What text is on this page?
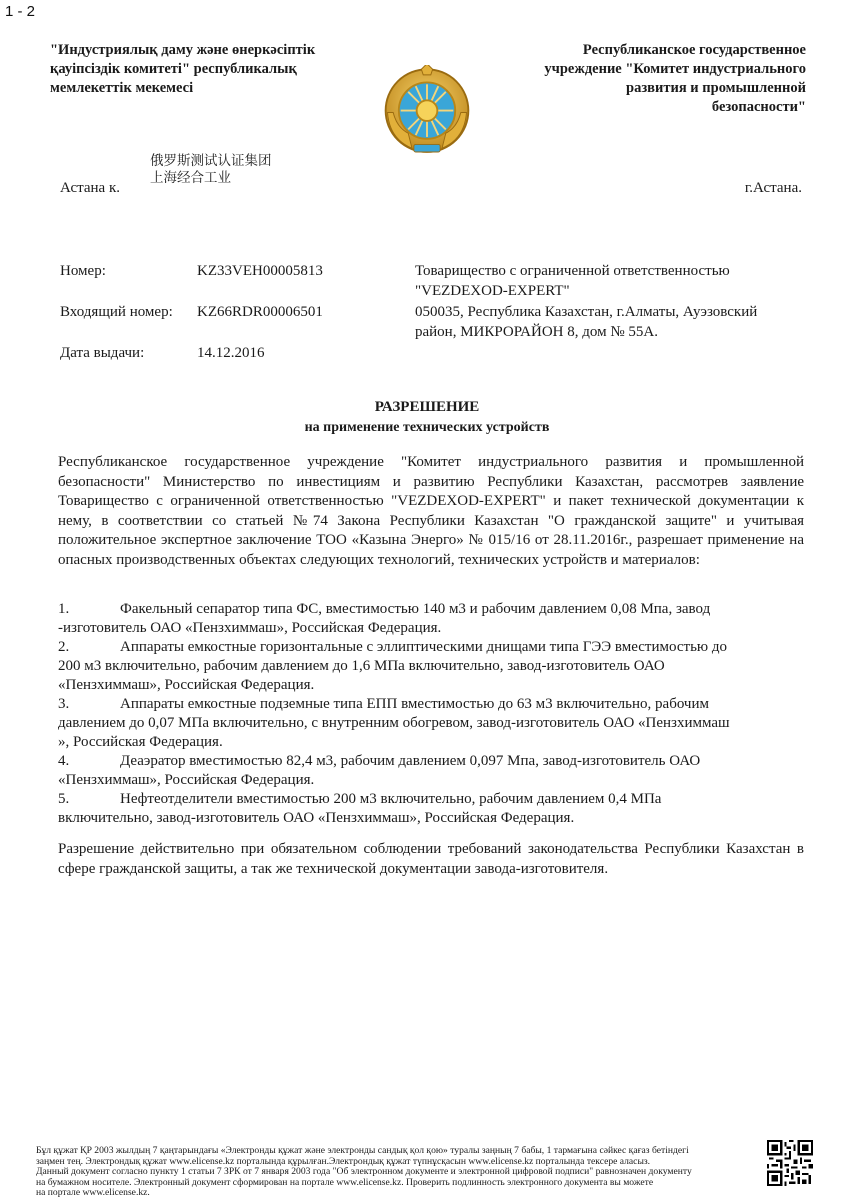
1 - 2
"Индустриялық даму және өнеркәсіптік
қауіпсіздік комитеті" республикалық
мемлекеттік мекемесі
Республиканское государственное
учреждение "Комитет индустриального
развития и промышленной
безопасности"
俄罗斯测试认证集团
上海经合工业
Астана к.	г.Астана.
Номер:	KZ33VEH00005813
Входящий номер: KZ66RDR00006501
Дата выдачи:	14.12.2016
Товарищество с ограниченной ответственностью
"VEZDEXOD-EXPERT"
050035, Республика Казахстан, г.Алматы, Ауэзовский
район, МИКРОРАЙОН 8, дом № 55А.
РАЗРЕШЕНИЕ
на применение технических устройств
Республиканское государственное учреждение "Комитет индустриального развития и промышленной безопасности" Министерство по инвестициям и развитию Республики Казахстан, рассмотрев заявление Товарищество с ограниченной ответственностью "VEZDEXOD-EXPERT" и пакет технической документации к нему, в соответствии со статьей №74 Закона Республики Казахстан "О гражданской защите" и учитывая положительное экспертное заключение ТОО «Казына Энерго» № 015/16 от 28.11.2016г., разрешает применение на опасных производственных объектах следующих технологий, технических устройств и материалов:
1.	Факельный сепаратор типа ФС, вместимостью 140 м3 и рабочим давлением 0,08 Мпа, завод
-изготовитель ОАО «Пензхиммаш», Российская Федерация.
2.	Аппараты емкостные горизонтальные с эллиптическими днищами типа ГЭЭ вместимостью до
200 м3 включительно, рабочим давлением до 1,6 МПа включительно, завод-изготовитель ОАО
«Пензхиммаш», Российская Федерация.
3.	Аппараты емкостные подземные типа ЕПП вместимостью до 63 м3 включительно, рабочим
давлением до 0,07 МПа включительно, с внутренним обогревом, завод-изготовитель ОАО «Пензхиммаш
», Российская Федерация.
4.	Деаэратор вместимостью 82,4 м3, рабочим давлением 0,097 Мпа, завод-изготовитель ОАО
«Пензхиммаш», Российская Федерация.
5.	Нефтеотделители вместимостью 200 м3 включительно, рабочим давлением 0,4 МПа
включительно, завод-изготовитель ОАО «Пензхиммаш», Российская Федерация.
Разрешение действительно при обязательном соблюдении требований законодательства Республики Казахстан в сфере гражданской защиты, а так же технической документации завода-изготовителя.
Бұл құжат ҚР 2003 жылдың 7 қаңтарындағы «Электронды құжат және электронды сандық қол қою» туралы заңның 7 бабы, 1 тармағына сәйкес қағаз бетіндегі
заңмен тең. Электрондық құжат www.elicense.kz порталында құрылған.Электрондық құжат түпнұсқасын www.elicense.kz порталында тексере аласыз.
Данный документ согласно пункту 1 статьи 7 ЗРК от 7 января 2003 года "Об электронном документе и электронной цифровой подписи" равнозначен документу
на бумажном носителе. Электронный документ сформирован на портале www.elicense.kz. Проверить подлинность электронного документа вы можете
на портале www.elicense.kz.
